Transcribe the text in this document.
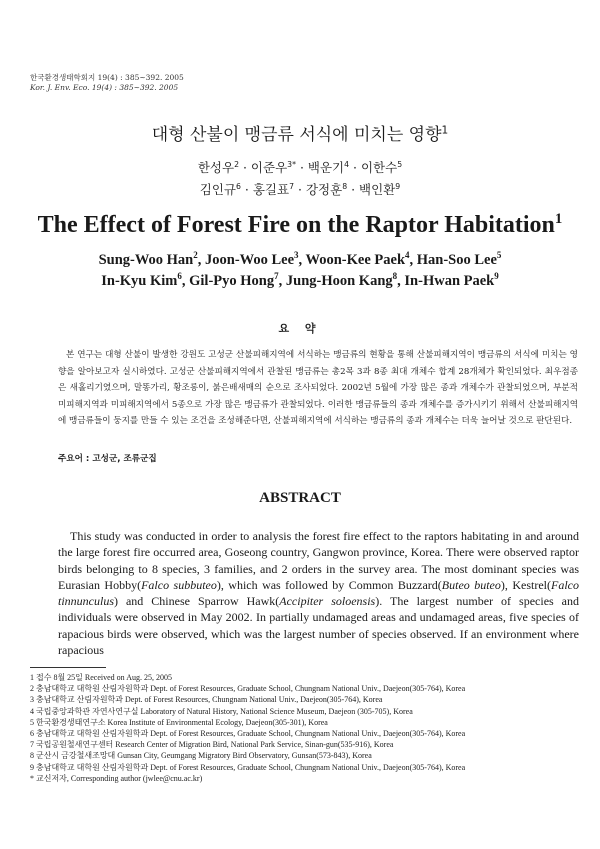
한국환경생태학회지 19(4) : 385~392. 2005
Kor. J. Env. Eco. 19(4) : 385~392. 2005
대형 산불이 맹금류 서식에 미치는 영향$^1$
한성우$^2$ · 이준우$^{3*}$ · 백운기$^4$ · 이한수$^5$
김인규$^6$ · 홍길표$^7$ · 강정훈$^8$ · 백인환$^9$
The Effect of Forest Fire on the Raptor Habitation$^1$
Sung-Woo Han$^2$, Joon-Woo Lee$^3$, Woon-Kee Paek$^4$, Han-Soo Lee$^5$
In-Kyu Kim$^6$, Gil-Pyo Hong$^7$, Jung-Hoon Kang$^8$, In-Hwan Paek$^9$
요 약
본 연구는 대형 산불이 발생한 강원도 고성군 산불피해지역에 서식하는 맹금류의 현황을 통해 산불피해지역이 맹금류의 서식에 미치는 영향을 알아보고자 실시하였다. 고성군 산불피해지역에서 관찰된 맹금류는 총2목 3과 8종 최대 개체수 합계 28개체가 확인되었다. 최우점종은 새홀리기였으며, 말똥가리, 황조롱이, 붉은배새매의 순으로 조사되었다. 2002년 5월에 가장 많은 종과 개체수가 관찰되었으며, 부분적 미피해지역과 미피해지역에서 5종으로 가장 많은 맹금류가 관찰되었다. 이러한 맹금류들의 종과 개체수를 증가시키기 위해서 산불피해지역에 맹금류들이 둥지를 만들 수 있는 조건을 조성해준다면, 산불피해지역에 서식하는 맹금류의 종과 개체수는 더욱 늘어날 것으로 판단된다.
주요어 : 고성군, 조류군집
ABSTRACT
This study was conducted in order to analysis the forest fire effect to the raptors habitating in and around the large forest fire occurred area, Goseong country, Gangwon province, Korea. There were observed raptor birds belonging to 8 species, 3 families, and 2 orders in the survey area. The most dominant species was Eurasian Hobby(Falco subbuteo), which was followed by Common Buzzard(Buteo buteo), Kestrel(Falco tinnunculus) and Chinese Sparrow Hawk(Accipiter soloensis). The largest number of species and individuals were observed in May 2002. In partially undamaged areas and undamaged areas, five species of rapacious birds were observed, which was the largest number of species observed. If an environment where rapacious
1 접수 8월 25일 Received on Aug. 25, 2005
2 충남대학교 대학원 산림자원학과 Dept. of Forest Resources, Graduate School, Chungnam National Univ., Daejeon(305-764), Korea
3 충남대학교 산림자원학과 Dept. of Forest Resources, Chungnam National Univ., Daejeon(305-764), Korea
4 국립중앙과학관 자연사연구실 Laboratory of Natural History, National Science Museum, Daejeon (305-705), Korea
5 한국환경생태연구소 Korea Institute of Environmental Ecology, Daejeon(305-301), Korea
6 충남대학교 대학원 산림자원학과 Dept. of Forest Resources, Graduate School, Chungnam National Univ., Daejeon(305-764), Korea
7 국립공원철새연구센터 Research Center of Migration Bird, National Park Service, Sinan-gun(535-916), Korea
8 군산시 금강철새조망대 Gunsan City, Geumgang Migratory Bird Observatory, Gunsan(573-843), Korea
9 충남대학교 대학원 산림자원학과 Dept. of Forest Resources, Graduate School, Chungnam National Univ., Daejeon(305-764), Korea
* 교신저자, Corresponding author (jwlee@cnu.ac.kr)
